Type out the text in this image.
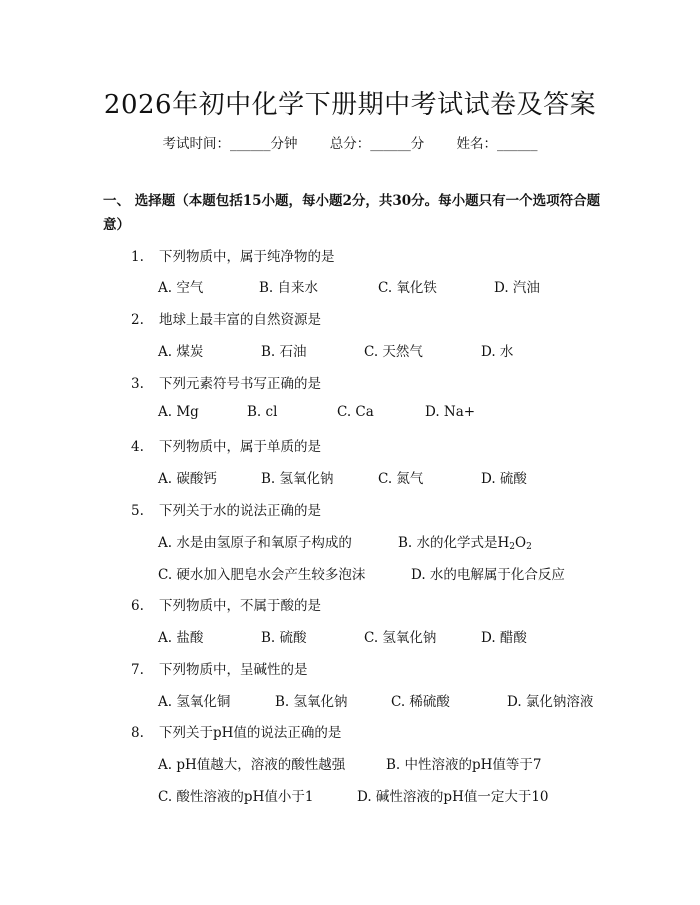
2026年初中化学下册期中考试试卷及答案
考试时间：______分钟 总分：______分 姓名：______
一、 选择题（本题包括15小题，每小题2分，共30分。每小题只有一个选项符合题意）
1. 下列物质中，属于纯净物的是
A. 空气	B. 自来水	C. 氧化铁	D. 汽油
2. 地球上最丰富的自然资源是
A. 煤炭	B. 石油	C. 天然气	D. 水
3. 下列元素符号书写正确的是
A. Mg	B. cl	C. Ca	D. Na+
4. 下列物质中，属于单质的是
A. 碳酸钙	B. 氢氧化钠	C. 氮气	D. 硫酸
5. 下列关于水的说法正确的是
A. 水是由氢原子和氧原子构成的	B. 水的化学式是$H_2O_2$
C. 硬水加入肥皂水会产生较多泡沫	D. 水的电解属于化合反应
6. 下列物质中，不属于酸的是
A. 盐酸	B. 硫酸	C. 氢氧化钠	D. 醋酸
7. 下列物质中，呈碱性的是
A. 氢氧化铜	B. 氢氧化钠	C. 稀硫酸	D. 氯化钠溶液
8. 下列关于pH值的说法正确的是
A. pH值越大，溶液的酸性越强	B. 中性溶液的pH值等于7
C. 酸性溶液的pH值小于1	D. 碱性溶液的pH值一定大于10
